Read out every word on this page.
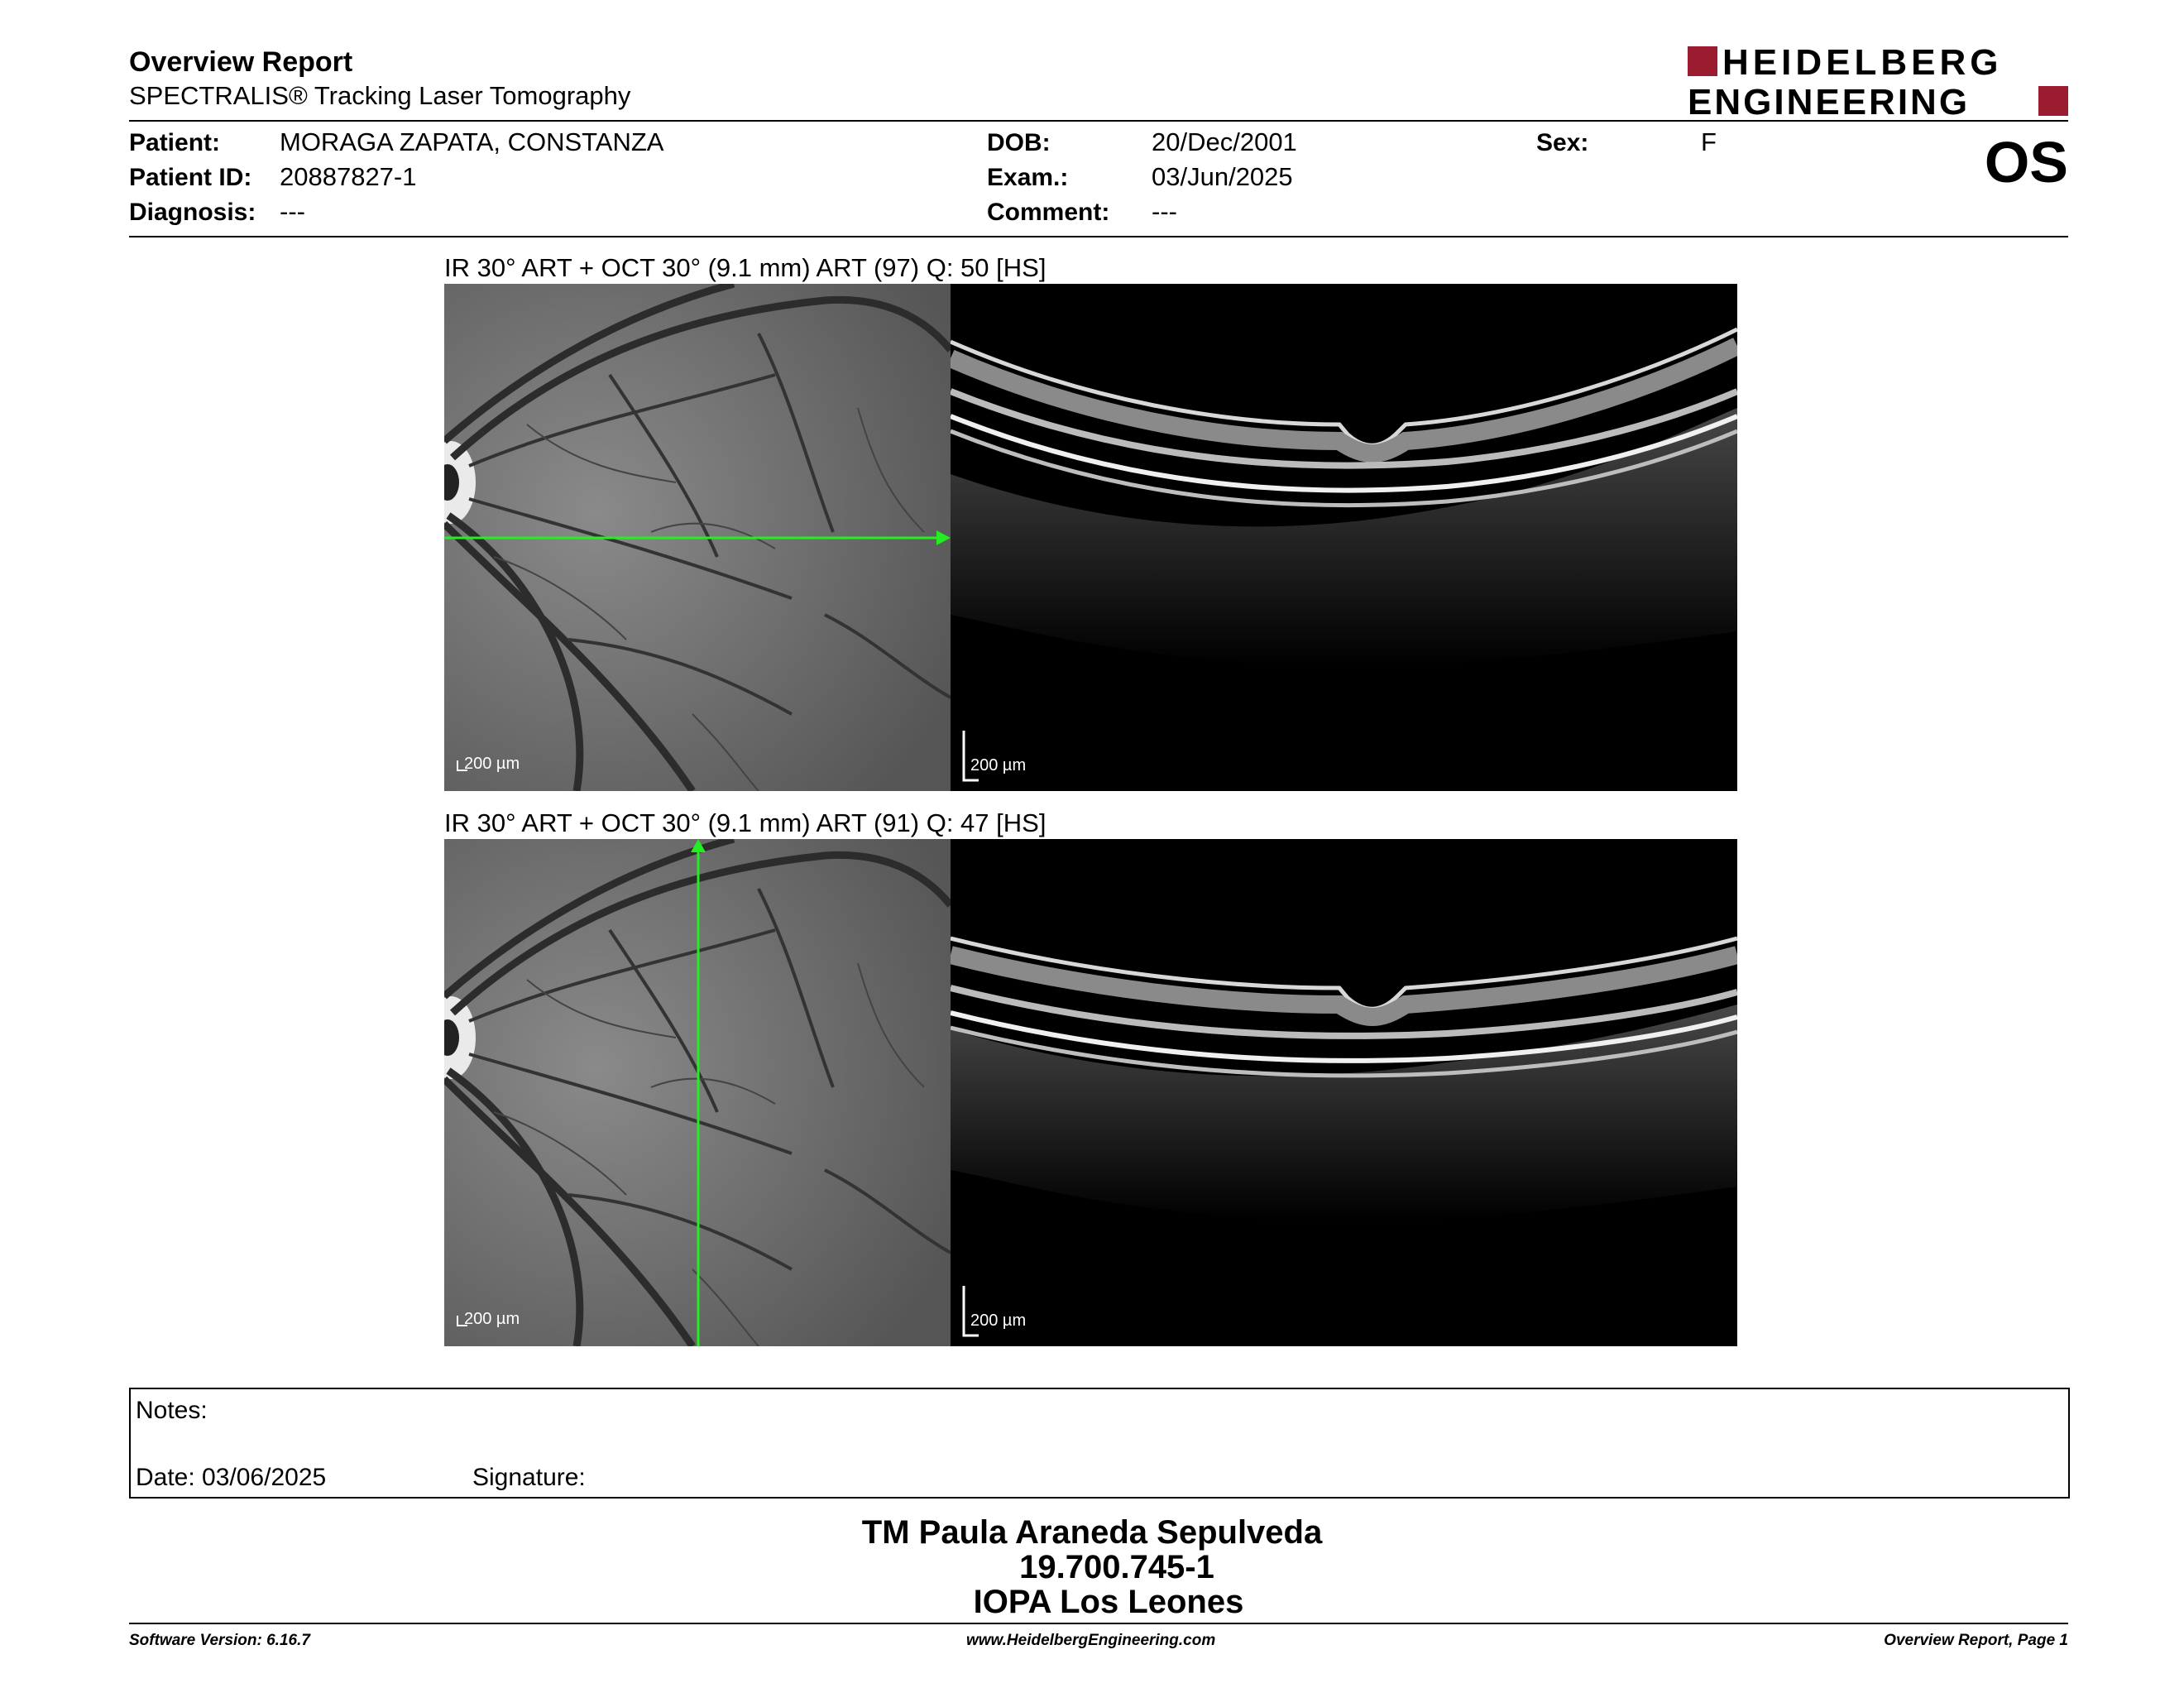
Overview Report
SPECTRALIS® Tracking Laser Tomography
HEIDELBERG
ENGINEERING
Patient: MORAGA ZAPATA, CONSTANZA
Patient ID: 20887827-1
Diagnosis: ---
DOB:	20/Dec/2001
Exam.:	03/Jun/2025
Comment: ---
Sex:	F	OS
IR 30° ART + OCT 30° (9.1 mm) ART (97) Q: 50 [HS]
200 µm	200 µm
IR 30° ART + OCT 30° (9.1 mm) ART (91) Q: 47 [HS]
200 µm	200 µm
Notes:
Date: 03/06/2025	Signature:
TM Paula Araneda Sepulveda
19.700.745-1
IOPA Los Leones
Software Version: 6.16.7	www.HeidelbergEngineering.com	Overview Report, Page 1
